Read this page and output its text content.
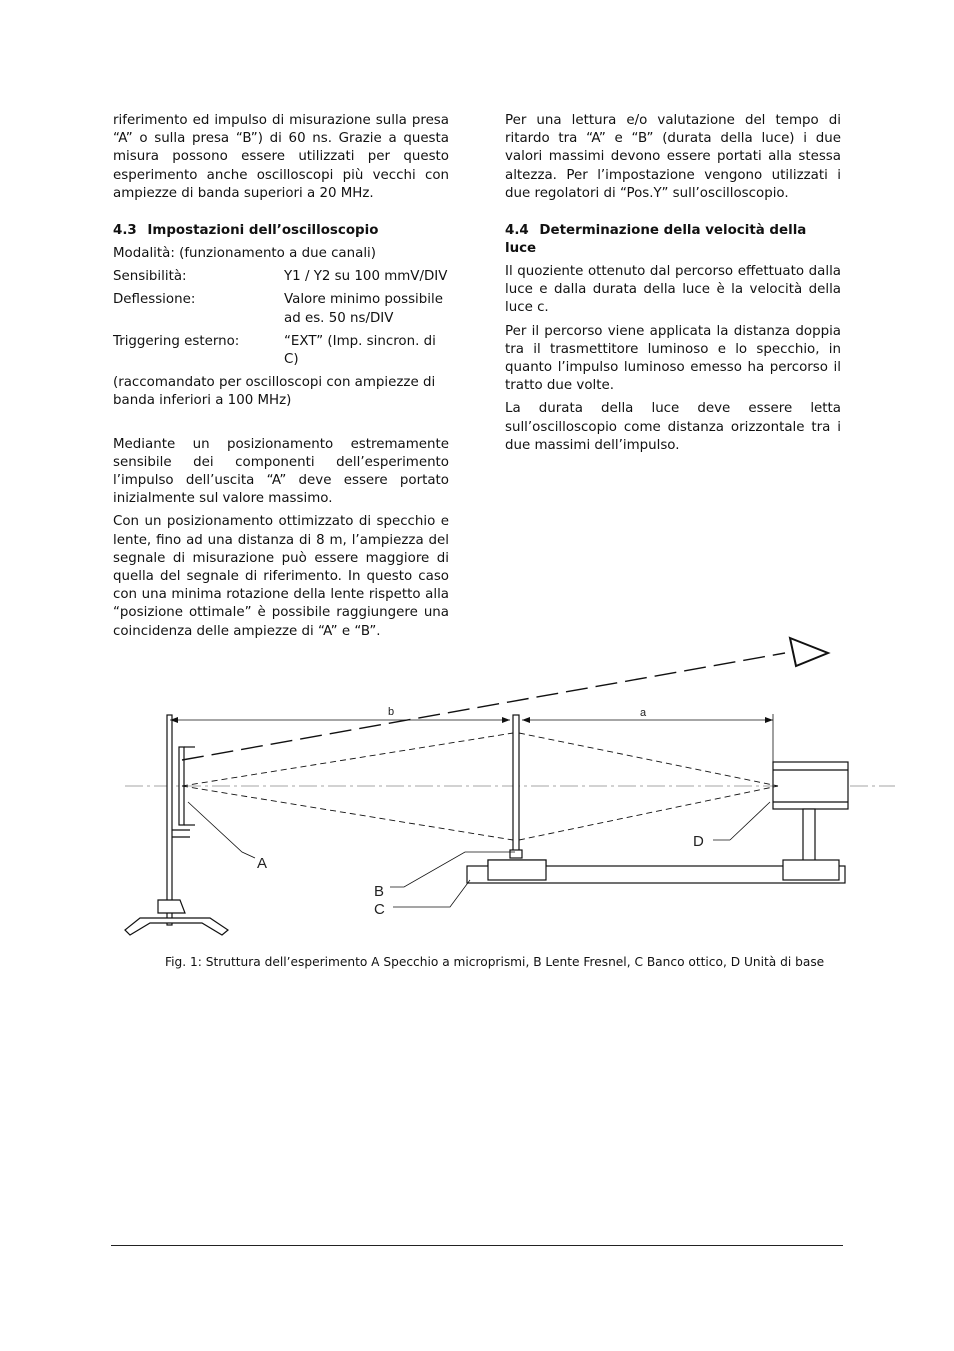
riferimento ed impulso di misurazione sulla presa “A” o sulla presa “B”) di 60 ns. Grazie a questa misura possono essere utilizzati per questo esperimento anche oscilloscopi più vecchi con ampiezze di banda superiori a 20 MHz.

4.3 Impostazioni dell’oscilloscopio

Modalità: (funzionamento a due canali)

Sensibilità:	Y1 / Y2 su 100 mmV/DIV
Deflessione:	Valore minimo possibile ad es. 50 ns/DIV
Triggering esterno:	“EXT” (Imp. sincron. di C)

(raccomandato per oscilloscopi con ampiezze di banda inferiori a 100 MHz)

Mediante un posizionamento estremamente sensibile dei componenti dell’esperimento l’impulso dell’uscita “A” deve essere portato inizialmente sul valore massimo.

Con un posizionamento ottimizzato di specchio e lente, fino ad una distanza di 8 m, l’ampiezza del segnale di misurazione può essere maggiore di quella del segnale di riferimento. In questo caso con una minima rotazione della lente rispetto alla “posizione ottimale” è possibile raggiungere una coincidenza delle ampiezze di “A” e “B”.

Per una lettura e/o valutazione del tempo di ritardo tra “A” e “B” (durata della luce) i due valori massimi devono essere portati alla stessa altezza. Per l’impostazione vengono utilizzati i due regolatori di “Pos.Y” sull’oscilloscopio.

4.4 Determinazione della velocità della luce

Il quoziente ottenuto dal percorso effettuato dalla luce e dalla durata della luce è la velocità della luce c.

Per il percorso viene applicata la distanza doppia tra il trasmettitore luminoso e lo specchio, in quanto l’impulso luminoso emesso ha percorso il tratto due volte.

La durata della luce deve essere letta sull’oscilloscopio come distanza orizzontale tra i due massimi dell’impulso.

A
B
C
D
b	a
Fig. 1: Struttura dell’esperimento A Specchio a microprismi, B Lente Fresnel, C Banco ottico, D Unità di base
